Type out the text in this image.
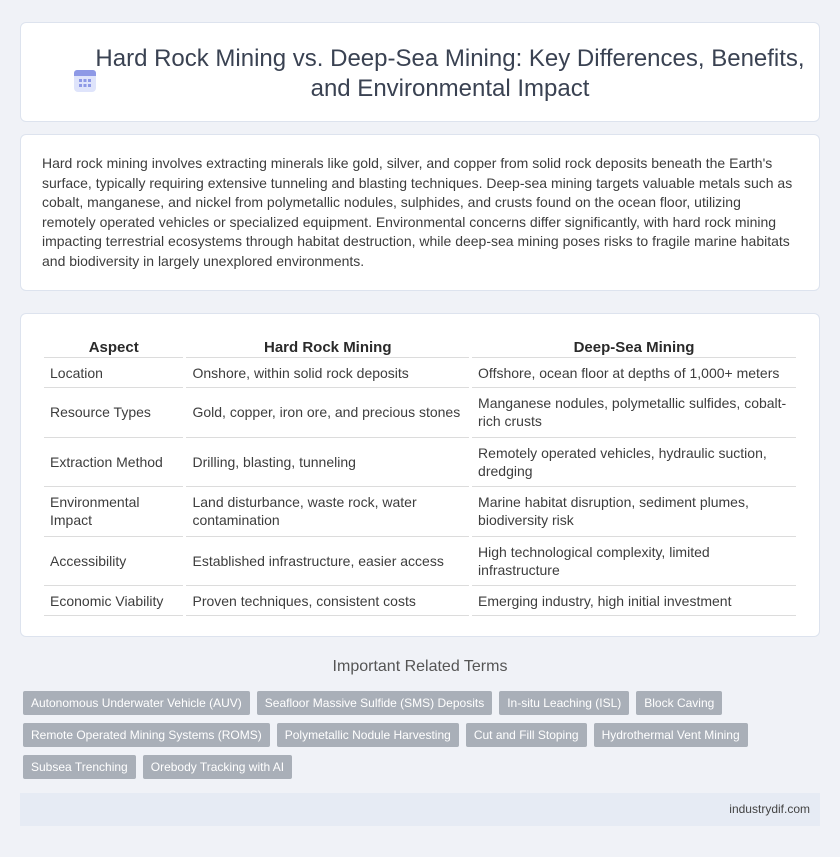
Hard Rock Mining vs. Deep-Sea Mining: Key Differences, Benefits, and Environmental Impact

Hard rock mining involves extracting minerals like gold, silver, and copper from solid rock deposits beneath the Earth's surface, typically requiring extensive tunneling and blasting techniques. Deep-sea mining targets valuable metals such as cobalt, manganese, and nickel from polymetallic nodules, sulphides, and crusts found on the ocean floor, utilizing remotely operated vehicles or specialized equipment. Environmental concerns differ significantly, with hard rock mining impacting terrestrial ecosystems through habitat destruction, while deep-sea mining poses risks to fragile marine habitats and biodiversity in largely unexplored environments.

Aspect	Hard Rock Mining	Deep-Sea Mining
Location	Onshore, within solid rock deposits	Offshore, ocean floor at depths of 1,000+ meters
Resource Types	Gold, copper, iron ore, and precious stones	Manganese nodules, polymetallic sulfides, cobalt-rich crusts
Extraction Method	Drilling, blasting, tunneling	Remotely operated vehicles, hydraulic suction, dredging
Environmental Impact	Land disturbance, waste rock, water contamination	Marine habitat disruption, sediment plumes, biodiversity risk
Accessibility	Established infrastructure, easier access	High technological complexity, limited infrastructure
Economic Viability	Proven techniques, consistent costs	Emerging industry, high initial investment
Important Related Terms
Autonomous Underwater Vehicle (AUV)	Seafloor Massive Sulfide (SMS) Deposits	In-situ Leaching (ISL)	Block Caving
Remote Operated Mining Systems (ROMS)	Polymetallic Nodule Harvesting	Cut and Fill Stoping	Hydrothermal Vent Mining
Subsea Trenching	Orebody Tracking with AI
industrydif.com
